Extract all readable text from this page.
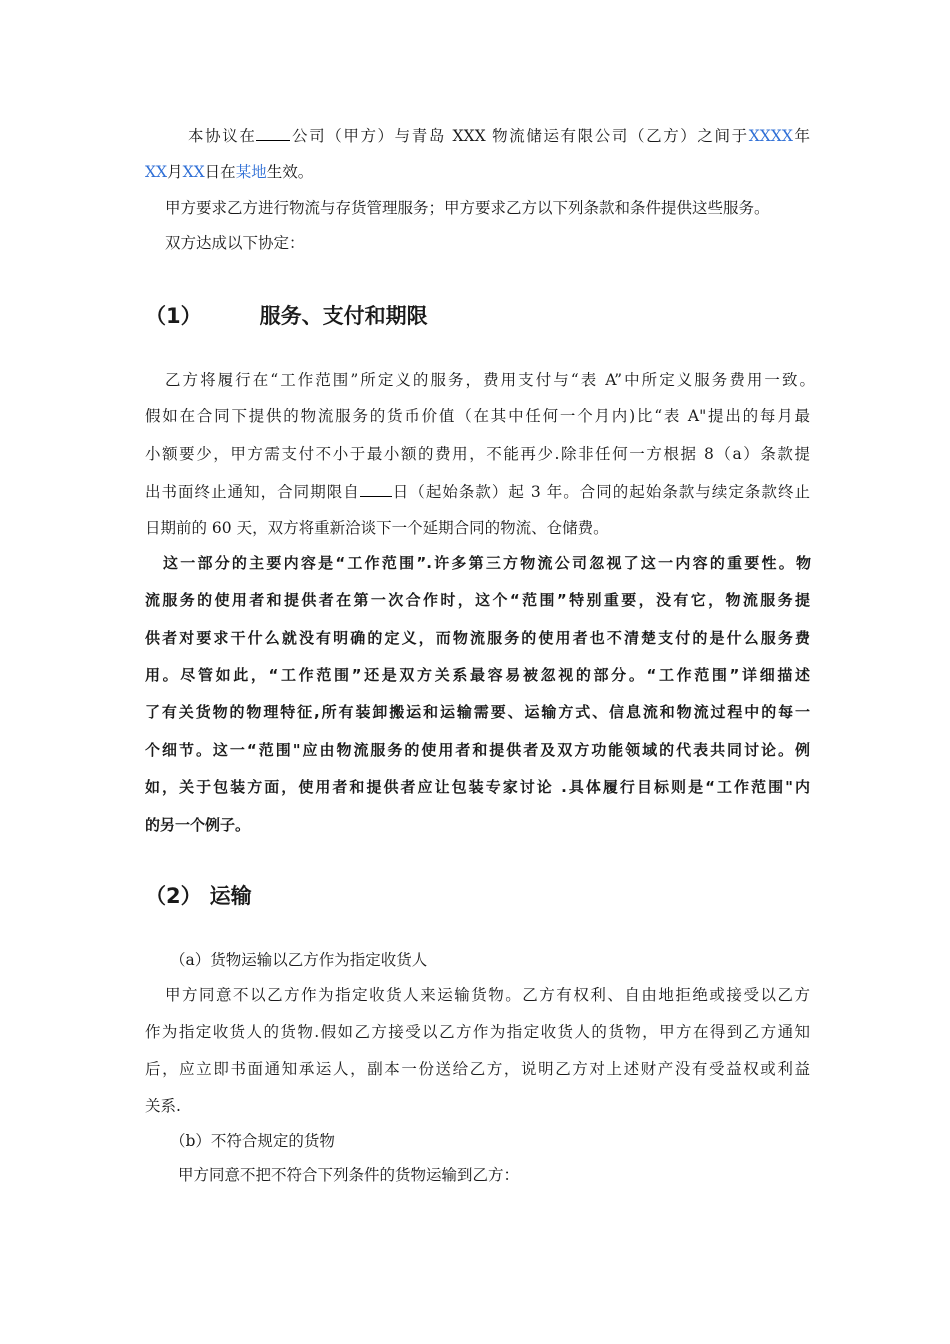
本协议在 公司（甲方）与青岛 XXX 物流储运有限公司（乙方）之间于XXXX年
XX月XX日在某地生效。
甲方要求乙方进行物流与存货管理服务；甲方要求乙方以下列条款和条件提供这些服务。
双方达成以下协定：
（1）	服务、支付和期限
乙方将履行在“工作范围”所定义的服务，费用支付与“表 A”中所定义服务费用一致。
假如在合同下提供的物流服务的货币价值（在其中任何一个月内)比“表 A"提出的每月最
小额要少，甲方需支付不小于最小额的费用，不能再少.除非任何一方根据 8（a）条款提
出书面终止通知，合同期限自 日（起始条款）起 3 年。合同的起始条款与续定条款终止
日期前的 60 天，双方将重新洽谈下一个延期合同的物流、仓储费。
这一部分的主要内容是“工作范围”.许多第三方物流公司忽视了这一内容的重要性。物
流服务的使用者和提供者在第一次合作时，这个“范围”特别重要，没有它，物流服务提
供者对要求干什么就没有明确的定义，而物流服务的使用者也不清楚支付的是什么服务费
用。尽管如此，“工作范围”还是双方关系最容易被忽视的部分。“工作范围”详细描述
了有关货物的物理特征,所有装卸搬运和运输需要、运输方式、信息流和物流过程中的每一
个细节。这一“范围"应由物流服务的使用者和提供者及双方功能领域的代表共同讨论。例
如，关于包装方面，使用者和提供者应让包装专家讨论 .具体履行目标则是“工作范围"内
的另一个例子。
（2） 运输
（a）货物运输以乙方作为指定收货人
甲方同意不以乙方作为指定收货人来运输货物。乙方有权利、自由地拒绝或接受以乙方
作为指定收货人的货物.假如乙方接受以乙方作为指定收货人的货物，甲方在得到乙方通知
后，应立即书面通知承运人，副本一份送给乙方，说明乙方对上述财产没有受益权或利益
关系.
（b）不符合规定的货物
甲方同意不把不符合下列条件的货物运输到乙方：
